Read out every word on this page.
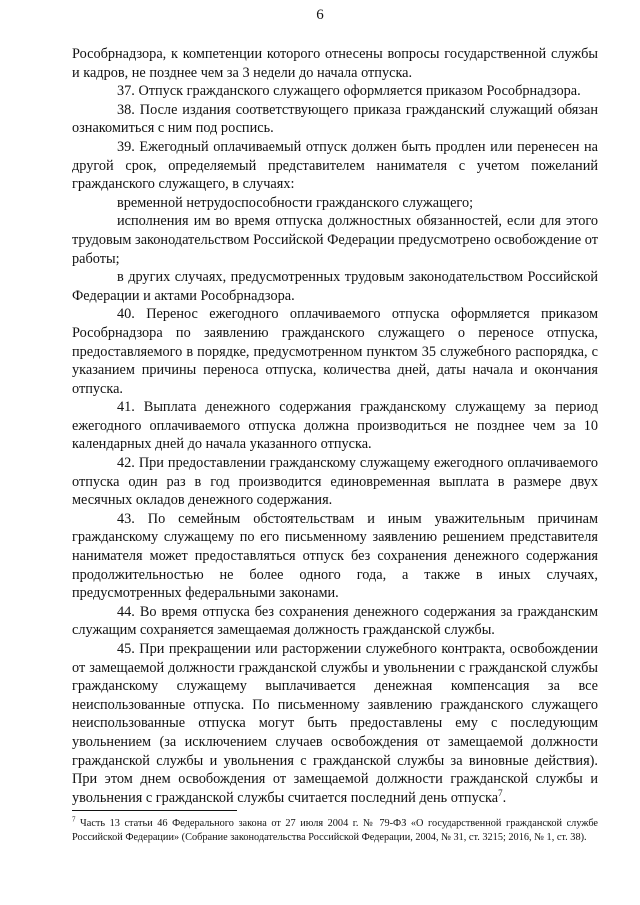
6

Рособрнадзора, к компетенции которого отнесены вопросы государственной службы и кадров, не позднее чем за 3 недели до начала отпуска.

37. Отпуск гражданского служащего оформляется приказом Рособрнадзора.

38. После издания соответствующего приказа гражданский служащий обязан ознакомиться с ним под роспись.

39. Ежегодный оплачиваемый отпуск должен быть продлен или перенесен на другой срок, определяемый представителем нанимателя с учетом пожеланий гражданского служащего, в случаях:

временной нетрудоспособности гражданского служащего;

исполнения им во время отпуска должностных обязанностей, если для этого трудовым законодательством Российской Федерации предусмотрено освобождение от работы;

в других случаях, предусмотренных трудовым законодательством Российской Федерации и актами Рособрнадзора.

40. Перенос ежегодного оплачиваемого отпуска оформляется приказом Рособрнадзора по заявлению гражданского служащего о переносе отпуска, предоставляемого в порядке, предусмотренном пунктом 35 служебного распорядка, с указанием причины переноса отпуска, количества дней, даты начала и окончания отпуска.

41. Выплата денежного содержания гражданскому служащему за период ежегодного оплачиваемого отпуска должна производиться не позднее чем за 10 календарных дней до начала указанного отпуска.

42. При предоставлении гражданскому служащему ежегодного оплачиваемого отпуска один раз в год производится единовременная выплата в размере двух месячных окладов денежного содержания.

43. По семейным обстоятельствам и иным уважительным причинам гражданскому служащему по его письменному заявлению решением представителя нанимателя может предоставляться отпуск без сохранения денежного содержания продолжительностью не более одного года, а также в иных случаях, предусмотренных федеральными законами.

44. Во время отпуска без сохранения денежного содержания за гражданским служащим сохраняется замещаемая должность гражданской службы.

45. При прекращении или расторжении служебного контракта, освобождении от замещаемой должности гражданской службы и увольнении с гражданской службы гражданскому служащему выплачивается денежная компенсация за все неиспользованные отпуска. По письменному заявлению гражданского служащего неиспользованные отпуска могут быть предоставлены ему с последующим увольнением (за исключением случаев освобождения от замещаемой должности гражданской службы и увольнения с гражданской службы за виновные действия). При этом днем освобождения от замещаемой должности гражданской службы и увольнения с гражданской службы считается последний день отпуска$^7$.

$^7$ Часть 13 статьи 46 Федерального закона от 27 июля 2004 г. № 79-ФЗ «О государственной гражданской службе Российской Федерации» (Собрание законодательства Российской Федерации, 2004, № 31, ст. 3215; 2016, № 1, ст. 38).
